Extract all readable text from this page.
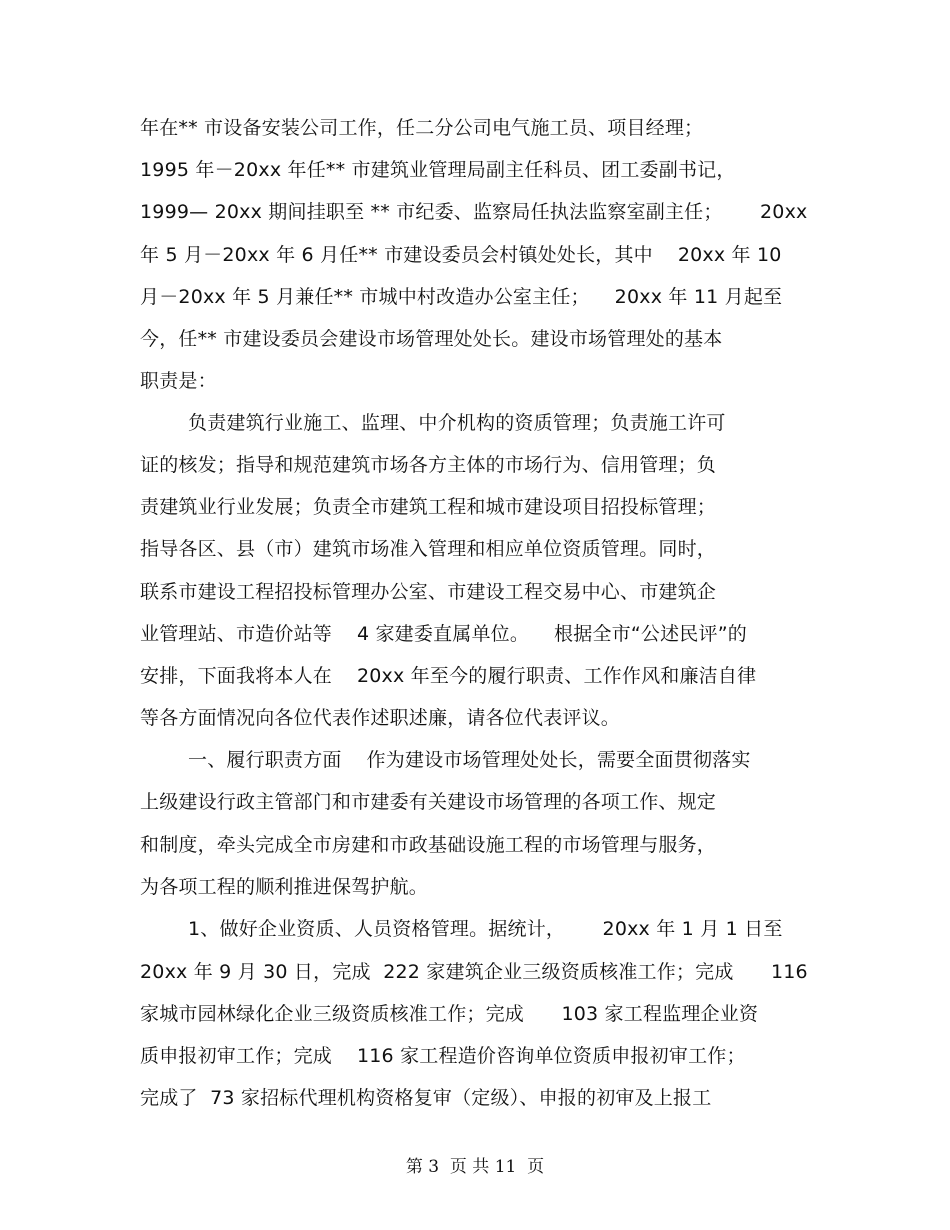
年在** 市设备安装公司工作，任二分公司电气施工员、项目经理；
1995 年－20xx 年任** 市建筑业管理局副主任科员、团工委副书记，
1999— 20xx 期间挂职至 ** 市纪委、监察局任执法监察室副主任；      20xx
年 5 月－20xx 年 6 月任** 市建设委员会村镇处处长，其中    20xx 年 10
月－20xx 年 5 月兼任** 市城中村改造办公室主任；    20xx 年 11 月起至
今，任** 市建设委员会建设市场管理处处长。建设市场管理处的基本
职责是：
负责建筑行业施工、监理、中介机构的资质管理；负责施工许可
证的核发；指导和规范建筑市场各方主体的市场行为、信用管理；负
责建筑业行业发展；负责全市建筑工程和城市建设项目招投标管理；
指导各区、县（市）建筑市场准入管理和相应单位资质管理。同时，
联系市建设工程招投标管理办公室、市建设工程交易中心、市建筑企
业管理站、市造价站等    4 家建委直属单位。    根据全市“公述民评”的
安排，下面我将本人在    20xx 年至今的履行职责、工作作风和廉洁自律
等各方面情况向各位代表作述职述廉，请各位代表评议。
一、履行职责方面    作为建设市场管理处处长，需要全面贯彻落实
上级建设行政主管部门和市建委有关建设市场管理的各项工作、规定
和制度，牵头完成全市房建和市政基础设施工程的市场管理与服务，
为各项工程的顺利推进保驾护航。
1、做好企业资质、人员资格管理。据统计，      20xx 年 1 月 1 日至
20xx 年 9 月 30 日，完成  222 家建筑企业三级资质核准工作；完成      116
家城市园林绿化企业三级资质核准工作；完成      103 家工程监理企业资
质申报初审工作；完成    116 家工程造价咨询单位资质申报初审工作；
完成了  73 家招标代理机构资格复审（定级）、申报的初审及上报工
第 3  页 共 11  页
